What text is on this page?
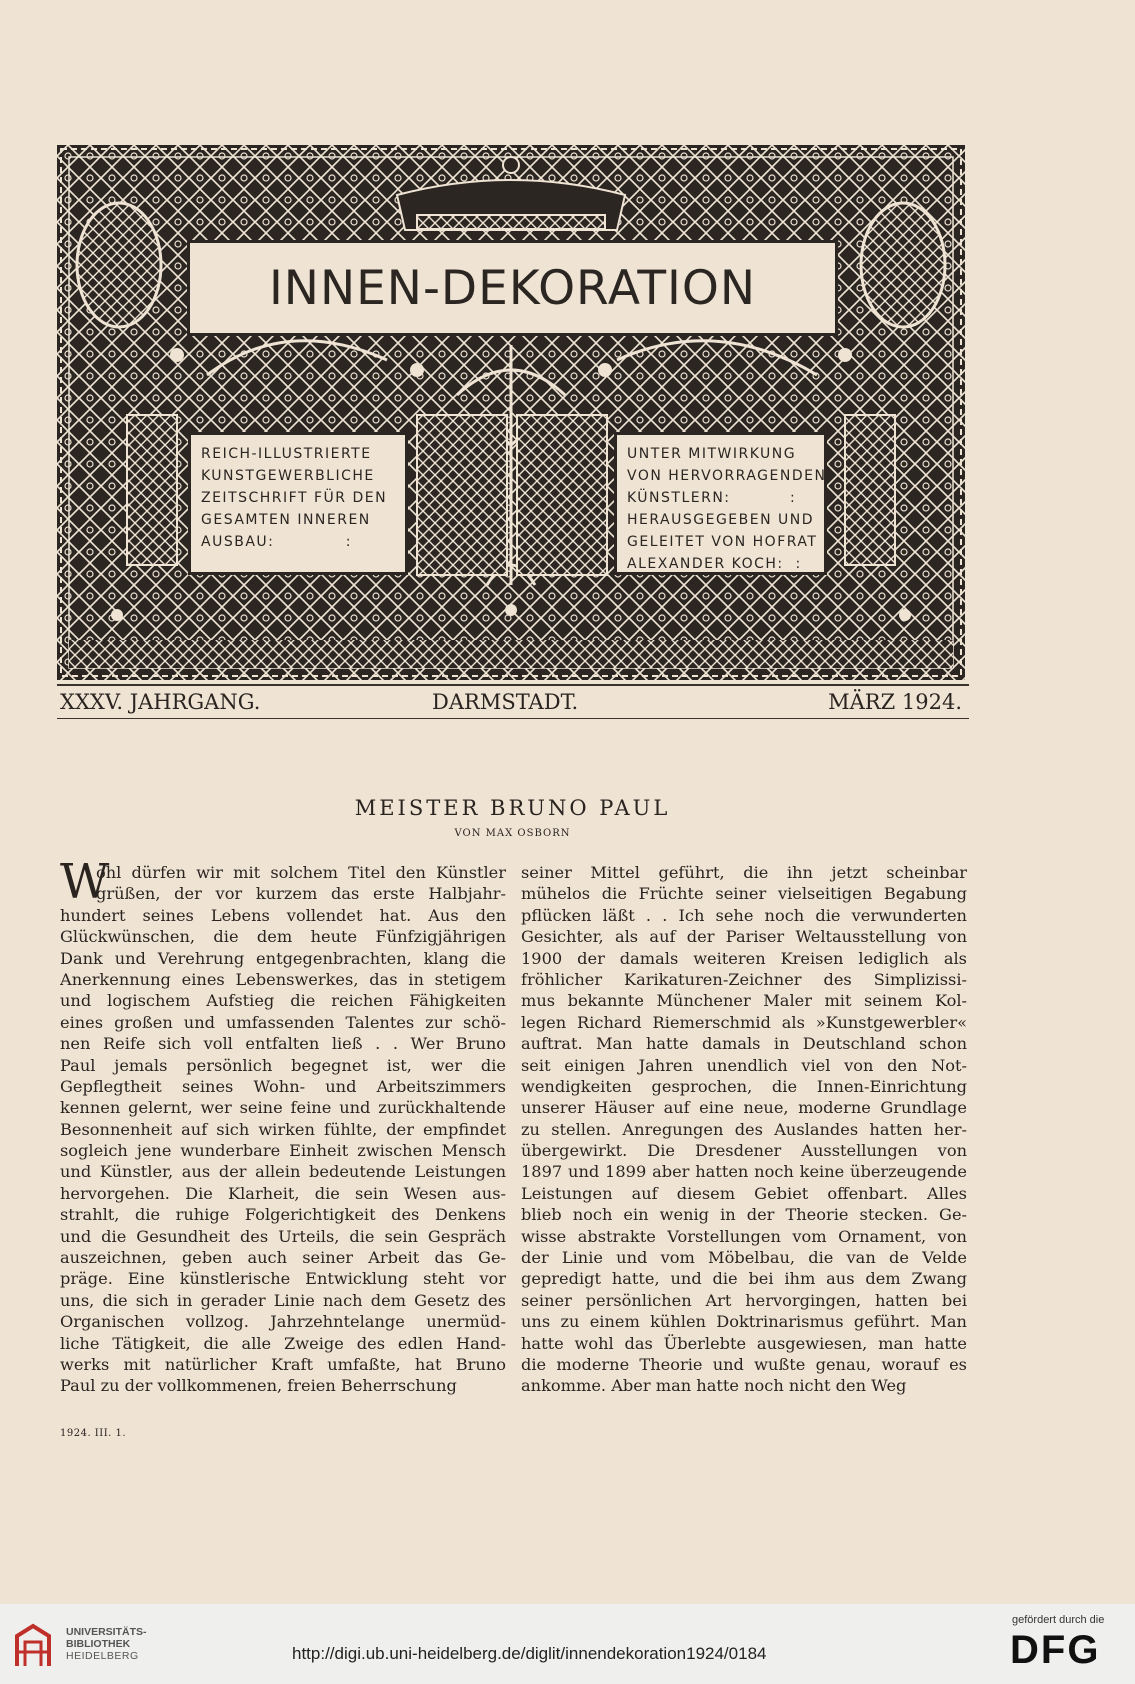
INNEN-DEKORATION
REICH-ILLUSTRIERTE
KUNSTGEWERBLICHE
ZEITSCHRIFT FÜR DEN
GESAMTEN INNEREN
AUSBAU:            :
UNTER MITWIRKUNG
VON HERVORRAGENDEN
KÜNSTLERN:          :
HERAUSGEGEBEN UND
GELEITET VON HOFRAT
ALEXANDER KOCH:  :
XXXV. JAHRGANG.	DARMSTADT.	MÄRZ 1924.
MEISTER BRUNO PAUL
VON MAX OSBORN
W
ohl dürfen wir mit solchem Titel den Künstler
grüßen, der vor kurzem das erste Halbjahr-
hundert seines Lebens vollendet hat. Aus den
Glückwünschen, die dem heute Fünfzigjährigen
Dank und Verehrung entgegenbrachten, klang die
Anerkennung eines Lebenswerkes, das in stetigem
und logischem Aufstieg die reichen Fähigkeiten
eines großen und umfassenden Talentes zur schö-
nen Reife sich voll entfalten ließ . . Wer Bruno
Paul jemals persönlich begegnet ist, wer die
Gepflegtheit seines Wohn- und Arbeitszimmers
kennen gelernt, wer seine feine und zurückhaltende
Besonnenheit auf sich wirken fühlte, der empfindet
sogleich jene wunderbare Einheit zwischen Mensch
und Künstler, aus der allein bedeutende Leistungen
hervorgehen. Die Klarheit, die sein Wesen aus-
strahlt, die ruhige Folgerichtigkeit des Denkens
und die Gesundheit des Urteils, die sein Gespräch
auszeichnen, geben auch seiner Arbeit das Ge-
präge. Eine künstlerische Entwicklung steht vor
uns, die sich in gerader Linie nach dem Gesetz des
Organischen vollzog. Jahrzehntelange unermüd-
liche Tätigkeit, die alle Zweige des edlen Hand-
werks mit natürlicher Kraft umfaßte, hat Bruno
Paul zu der vollkommenen, freien Beherrschung
seiner Mittel geführt, die ihn jetzt scheinbar
mühelos die Früchte seiner vielseitigen Begabung
pflücken läßt . . Ich sehe noch die verwunderten
Gesichter, als auf der Pariser Weltausstellung von
1900 der damals weiteren Kreisen lediglich als
fröhlicher Karikaturen-Zeichner des Simplizissi-
mus bekannte Münchener Maler mit seinem Kol-
legen Richard Riemerschmid als »Kunstgewerbler«
auftrat. Man hatte damals in Deutschland schon
seit einigen Jahren unendlich viel von den Not-
wendigkeiten gesprochen, die Innen-Einrichtung
unserer Häuser auf eine neue, moderne Grundlage
zu stellen. Anregungen des Auslandes hatten her-
übergewirkt. Die Dresdener Ausstellungen von
1897 und 1899 aber hatten noch keine überzeugende
Leistungen auf diesem Gebiet offenbart. Alles
blieb noch ein wenig in der Theorie stecken. Ge-
wisse abstrakte Vorstellungen vom Ornament, von
der Linie und vom Möbelbau, die van de Velde
gepredigt hatte, und die bei ihm aus dem Zwang
seiner persönlichen Art hervorgingen, hatten bei
uns zu einem kühlen Doktrinarismus geführt. Man
hatte wohl das Überlebte ausgewiesen, man hatte
die moderne Theorie und wußte genau, worauf es
ankomme. Aber man hatte noch nicht den Weg
1924. III. 1.
UNIVERSITÄTS-
BIBLIOTHEK
HEIDELBERG	http://digi.ub.uni-heidelberg.de/diglit/innendekoration1924/0184
gefördert durch die
DFG
